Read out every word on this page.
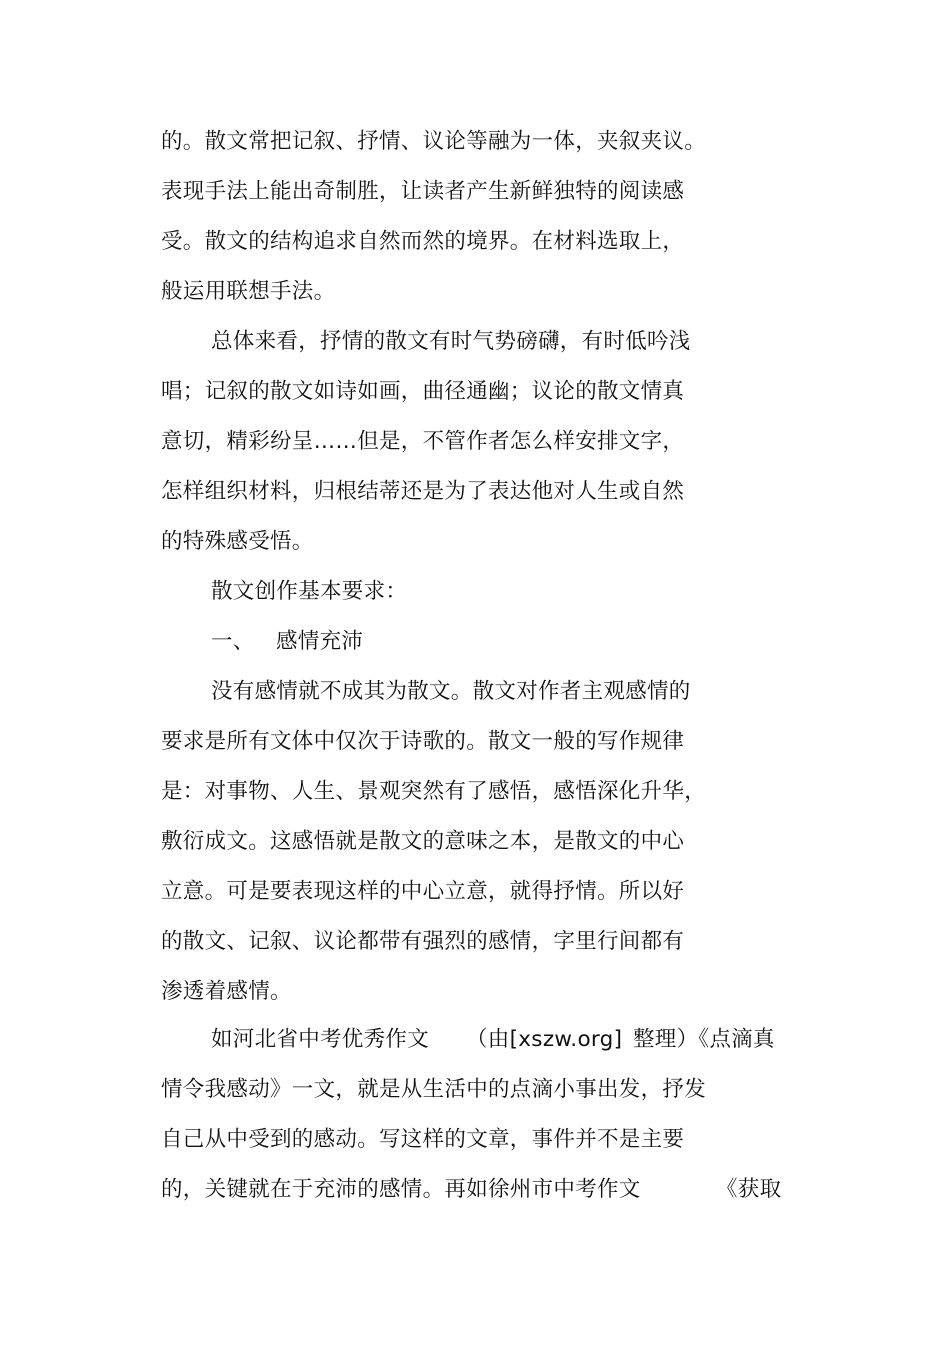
的。散文常把记叙、抒情、议论等融为一体，夹叙夹议。
表现手法上能出奇制胜，让读者产生新鲜独特的阅读感
受。散文的结构追求自然而然的境界。在材料选取上，
般运用联想手法。
总体来看，抒情的散文有时气势磅礴，有时低吟浅
唱；记叙的散文如诗如画，曲径通幽；议论的散文情真
意切，精彩纷呈……但是，不管作者怎么样安排文字，
怎样组织材料，归根结蒂还是为了表达他对人生或自然
的特殊感受悟。
散文创作基本要求：
一、 感情充沛
没有感情就不成其为散文。散文对作者主观感情的
要求是所有文体中仅次于诗歌的。散文一般的写作规律
是：对事物、人生、景观突然有了感悟，感悟深化升华，
敷衍成文。这感悟就是散文的意味之本，是散文的中心
立意。可是要表现这样的中心立意，就得抒情。所以好
的散文、记叙、议论都带有强烈的感情，字里行间都有
渗透着感情。
如河北省中考优秀作文 （由[xszw.org] 整理）《点滴真
情令我感动》一文，就是从生活中的点滴小事出发，抒发
自己从中受到的感动。写这样的文章，事件并不是主要
的，关键就在于充沛的感情。再如徐州市中考作文	《获取
